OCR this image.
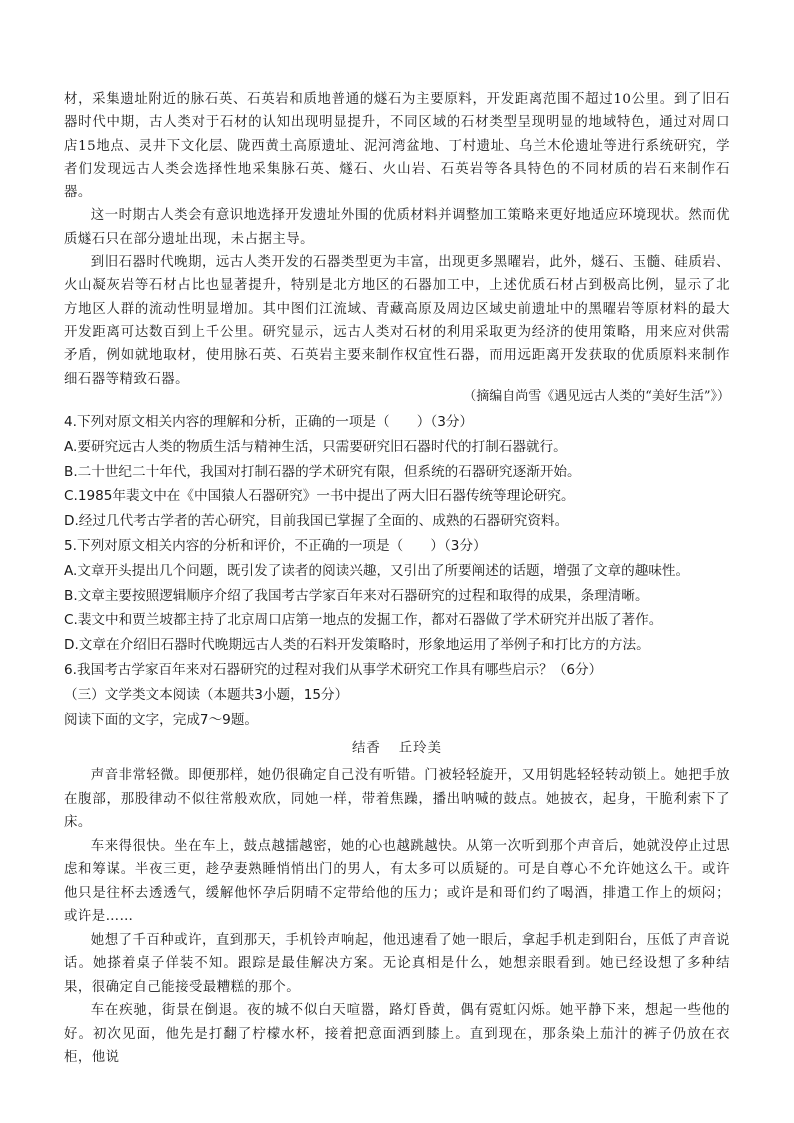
材，采集遗址附近的脉石英、石英岩和质地普通的燧石为主要原料，开发距离范围不超过10公里。到了旧石器时代中期，古人类对于石材的认知出现明显提升，不同区域的石材类型呈现明显的地域特色，通过对周口店15地点、灵井下文化层、陇西黄土高原遗址、泥河湾盆地、丁村遗址、乌兰木伦遗址等进行系统研究，学者们发现远古人类会选择性地采集脉石英、燧石、火山岩、石英岩等各具特色的不同材质的岩石来制作石器。

这一时期古人类会有意识地选择开发遗址外围的优质材料并调整加工策略来更好地适应环境现状。然而优质燧石只在部分遗址出现，未占据主导。

到旧石器时代晚期，远古人类开发的石器类型更为丰富，出现更多黑曜岩，此外，燧石、玉髓、硅质岩、火山凝灰岩等石材占比也显著提升，特别是北方地区的石器加工中，上述优质石材占到极高比例，显示了北方地区人群的流动性明显增加。其中图们江流域、青藏高原及周边区域史前遗址中的黑曜岩等原材料的最大开发距离可达数百到上千公里。研究显示，远古人类对石材的利用采取更为经济的使用策略，用来应对供需矛盾，例如就地取材，使用脉石英、石英岩主要来制作权宜性石器，而用远距离开发获取的优质原料来制作细石器等精致石器。

（摘编自尚雪《遇见远古人类的“美好生活”》）

4.下列对原文相关内容的理解和分析，正确的一项是（　　）（3分）

A.要研究远古人类的物质生活与精神生活，只需要研究旧石器时代的打制石器就行。

B.二十世纪二十年代，我国对打制石器的学术研究有限，但系统的石器研究逐渐开始。

C.1985年裴文中在《中国猿人石器研究》一书中提出了两大旧石器传统等理论研究。

D.经过几代考古学者的苦心研究，目前我国已掌握了全面的、成熟的石器研究资料。

5.下列对原文相关内容的分析和评价，不正确的一项是（　　）（3分）

A.文章开头提出几个问题，既引发了读者的阅读兴趣，又引出了所要阐述的话题，增强了文章的趣味性。

B.文章主要按照逻辑顺序介绍了我国考古学家百年来对石器研究的过程和取得的成果，条理清晰。

C.裴文中和贾兰坡都主持了北京周口店第一地点的发掘工作，都对石器做了学术研究并出版了著作。

D.文章在介绍旧石器时代晚期远古人类的石料开发策略时，形象地运用了举例子和打比方的方法。

6.我国考古学家百年来对石器研究的过程对我们从事学术研究工作具有哪些启示？（6分）

（三）文学类文本阅读（本题共3小题，15分）

阅读下面的文字，完成7～9题。

结香 丘玲美

声音非常轻微。即便那样，她仍很确定自己没有听错。门被轻轻旋开，又用钥匙轻轻转动锁上。她把手放在腹部，那股律动不似往常般欢欣，同她一样，带着焦躁，播出呐喊的鼓点。她披衣，起身，干脆利索下了床。

车来得很快。坐在车上，鼓点越擂越密，她的心也越跳越快。从第一次听到那个声音后，她就没停止过思虑和筹谋。半夜三更，趁孕妻熟睡悄悄出门的男人，有太多可以质疑的。可是自尊心不允许她这么干。或许他只是往杯去透透气，缓解他怀孕后阴晴不定带给他的压力；或许是和哥们约了喝酒，排遣工作上的烦闷；或许是……

她想了千百种或许，直到那天，手机铃声响起，他迅速看了她一眼后，拿起手机走到阳台，压低了声音说话。她搽着桌子佯装不知。跟踪是最佳解决方案。无论真相是什么，她想亲眼看到。她已经设想了多种结果，很确定自己能接受最糟糕的那个。

车在疾驰，街景在倒退。夜的城不似白天喧嚣，路灯昏黄，偶有霓虹闪烁。她平静下来，想起一些他的好。初次见面，他先是打翻了柠檬水杯，接着把意面洒到膝上。直到现在，那条染上茄汁的裤子仍放在衣柜，他说
